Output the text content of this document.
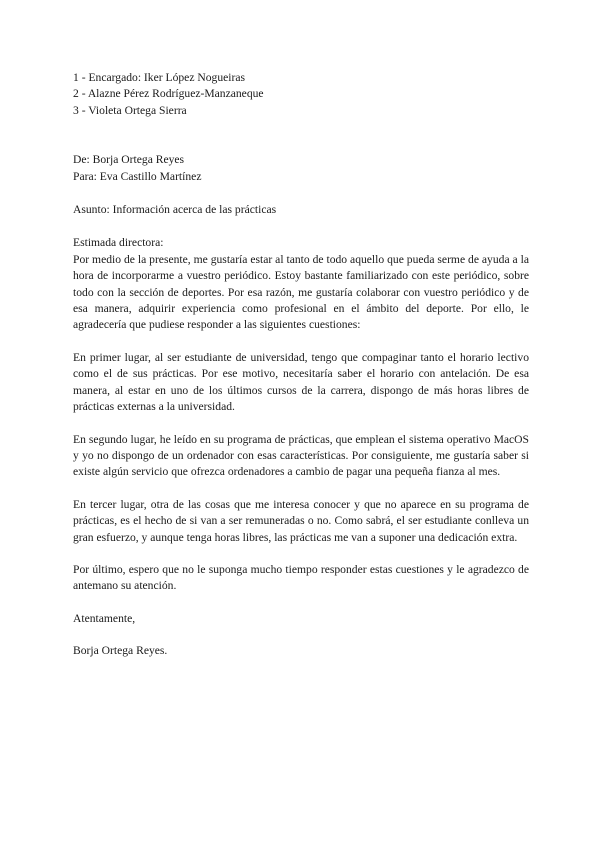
1 - Encargado: Iker López Nogueiras
2 - Alazne Pérez Rodríguez-Manzaneque
3 - Violeta Ortega Sierra

De: Borja Ortega Reyes

Para: Eva Castillo Martínez

Asunto: Información acerca de las prácticas

Estimada directora:

Por medio de la presente, me gustaría estar al tanto de todo aquello que pueda serme de ayuda a la hora de incorporarme a vuestro periódico. Estoy bastante familiarizado con este periódico, sobre todo con la sección de deportes. Por esa razón, me gustaría colaborar con vuestro periódico y de esa manera, adquirir experiencia como profesional en el ámbito del deporte. Por ello, le agradecería que pudiese responder a las siguientes cuestiones:

En primer lugar, al ser estudiante de universidad, tengo que compaginar tanto el horario lectivo como el de sus prácticas. Por ese motivo, necesitaría saber el horario con antelación. De esa manera, al estar en uno de los últimos cursos de la carrera, dispongo de más horas libres de prácticas externas a la universidad.

En segundo lugar, he leído en su programa de prácticas, que emplean el sistema operativo MacOS y yo no dispongo de un ordenador con esas características. Por consiguiente, me gustaría saber si existe algún servicio que ofrezca ordenadores a cambio de pagar una pequeña fianza al mes.

En tercer lugar, otra de las cosas que me interesa conocer y que no aparece en su programa de prácticas, es el hecho de si van a ser remuneradas o no. Como sabrá, el ser estudiante conlleva un gran esfuerzo, y aunque tenga horas libres, las prácticas me van a suponer una dedicación extra.

Por último, espero que no le suponga mucho tiempo responder estas cuestiones y le agradezco de antemano su atención.

Atentamente,

Borja Ortega Reyes.
